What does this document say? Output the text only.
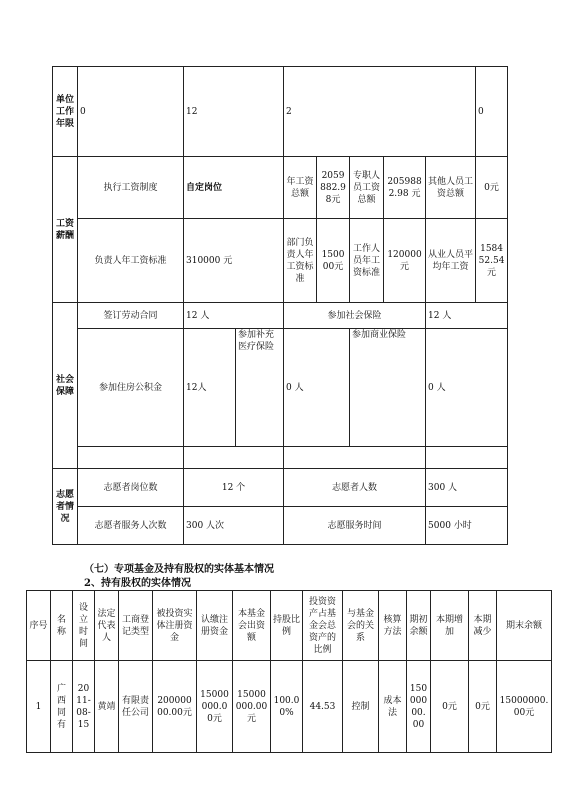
单位工作年限	0	12		2					0
工资薪酬	执行工资制度	自定岗位		年工资总额	2059882.98元	专职人员工资总额	2059882.98 元	其他人员工资总额	0元
	负责人年工资标准	310000 元		部门负责人年工资标准	150000元	工作人员年工资标准	120000元	从业人员平均年工资	158452.54元
社会保障	签订劳动合同	12 人		参加社会保险				12 人	
	参加住房公积金	12人	参加补充医疗保险	0 人		参加商业保险		0 人	

志愿者情况	志愿者岗位数	12 个		志愿者人数				300 人	
	志愿者服务人次数	300 人次		志愿服务时间				5000 小时	
（七）专项基金及持有股权的实体基本情况
2、持有股权的实体情况
序号	名称	设立时间	法定代表人	工商登记类型	被投资实体注册资金	认缴注册资金	本基金会出资额	持股比例	投资资产占基金会总资产的比例	与基金会的关系	核算方法	期初余额	本期增加	本期减少	期末余额
1	广西同有	2011-08-15	黄靖	有限责任公司	20000000.00元	15000000.00元	15000000.00元	100.00%	44.53	控制	成本法	15000000.00	0元	0元	15000000.00元
